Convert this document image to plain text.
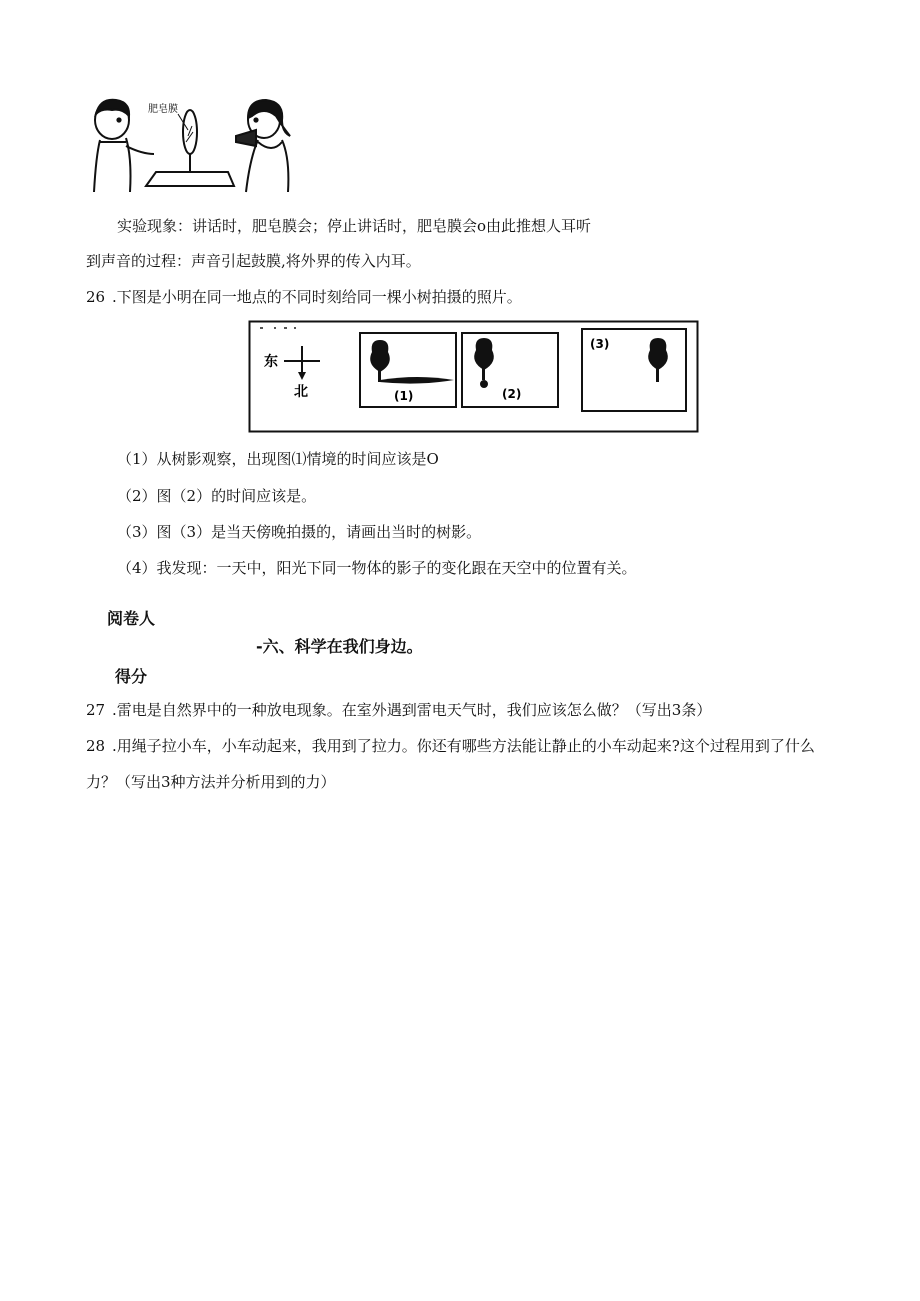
肥皂膜
实验现象：讲话时，肥皂膜会；停止讲话时，肥皂膜会o由此推想人耳听
到声音的过程：声音引起鼓膜,将外界的传入内耳。
26 .下图是小明在同一地点的不同时刻给同一棵小树拍摄的照片。
东
北	(1)	(2)
(3)
（1）从树影观察，出现图⑴情境的时间应该是O
（2）图（2）的时间应该是。
（3）图（3）是当天傍晚拍摄的，请画出当时的树影。
（4）我发现：一天中，阳光下同一物体的影子的变化跟在天空中的位置有关。
阅卷人
-六、科学在我们身边。
得分
27 .雷电是自然界中的一种放电现象。在室外遇到雷电天气时，我们应该怎么做？（写出3条）
28 .用绳子拉小车，小车动起来，我用到了拉力。你还有哪些方法能让静止的小车动起来?这个过程用到了什么
力？（写出3种方法并分析用到的力）
